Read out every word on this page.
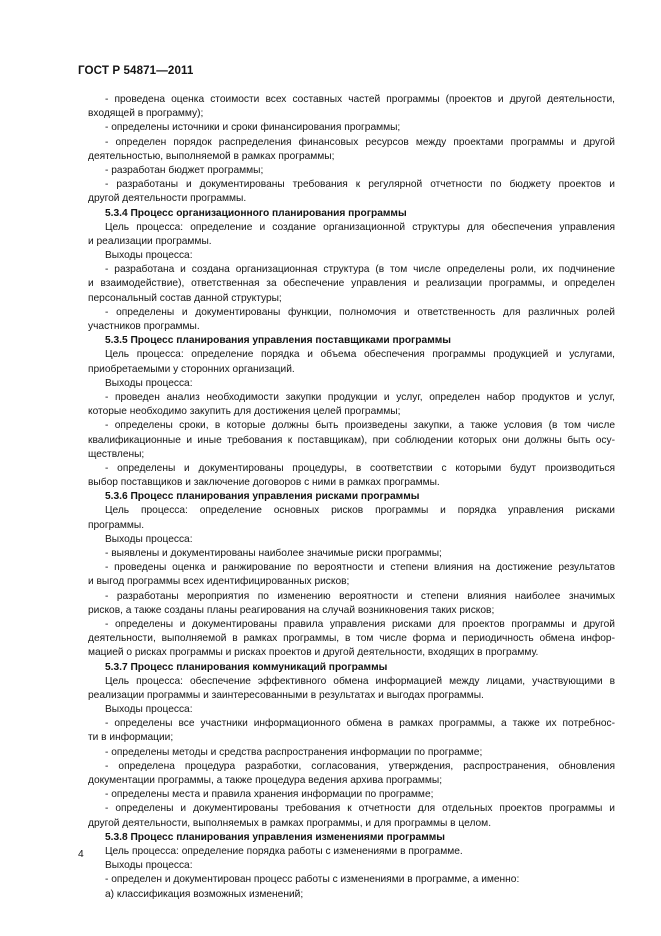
ГОСТ Р 54871—2011
- проведена оценка стоимости всех составных частей программы (проектов и другой деятельности,
входящей в программу);
- определены источники и сроки финансирования программы;
- определен порядок распределения финансовых ресурсов между проектами программы и другой
деятельностью, выполняемой в рамках программы;
- разработан бюджет программы;
- разработаны и документированы требования к регулярной отчетности по бюджету проектов и
другой деятельности программы.
5.3.4 Процесс организационного планирования программы
Цель процесса: определение и создание организационной структуры для обеспечения управления
и реализации программы.
Выходы процесса:
- разработана и создана организационная структура (в том числе определены роли, их подчинение
и взаимодействие), ответственная за обеспечение управления и реализации программы, и определен
персональный состав данной структуры;
- определены и документированы функции, полномочия и ответственность для различных ролей
участников программы.
5.3.5 Процесс планирования управления поставщиками программы
Цель процесса: определение порядка и объема обеспечения программы продукцией и услугами,
приобретаемыми у сторонних организаций.
Выходы процесса:
- проведен анализ необходимости закупки продукции и услуг, определен набор продуктов и услуг,
которые необходимо закупить для достижения целей программы;
- определены сроки, в которые должны быть произведены закупки, а также условия (в том числе
квалификационные и иные требования к поставщикам), при соблюдении которых они должны быть осу-
ществлены;
- определены и документированы процедуры, в соответствии с которыми будут производиться
выбор поставщиков и заключение договоров с ними в рамках программы.
5.3.6 Процесс планирования управления рисками программы
Цель процесса: определение основных рисков программы и порядка управления рисками
программы.
Выходы процесса:
- выявлены и документированы наиболее значимые риски программы;
- проведены оценка и ранжирование по вероятности и степени влияния на достижение результатов
и выгод программы всех идентифицированных рисков;
- разработаны мероприятия по изменению вероятности и степени влияния наиболее значимых
рисков, а также созданы планы реагирования на случай возникновения таких рисков;
- определены и документированы правила управления рисками для проектов программы и другой
деятельности, выполняемой в рамках программы, в том числе форма и периодичность обмена инфор-
мацией о рисках программы и рисках проектов и другой деятельности, входящих в программу.
5.3.7 Процесс планирования коммуникаций программы
Цель процесса: обеспечение эффективного обмена информацией между лицами, участвующими в
реализации программы и заинтересованными в результатах и выгодах программы.
Выходы процесса:
- определены все участники информационного обмена в рамках программы, а также их потребнос-
ти в информации;
- определены методы и средства распространения информации по программе;
- определена процедура разработки, согласования, утверждения, распространения, обновления
документации программы, а также процедура ведения архива программы;
- определены места и правила хранения информации по программе;
- определены и документированы требования к отчетности для отдельных проектов программы и
другой деятельности, выполняемых в рамках программы, и для программы в целом.
5.3.8 Процесс планирования управления изменениями программы
Цель процесса: определение порядка работы с изменениями в программе.
Выходы процесса:
- определен и документирован процесс работы с изменениями в программе, а именно:
а) классификация возможных изменений;
4
